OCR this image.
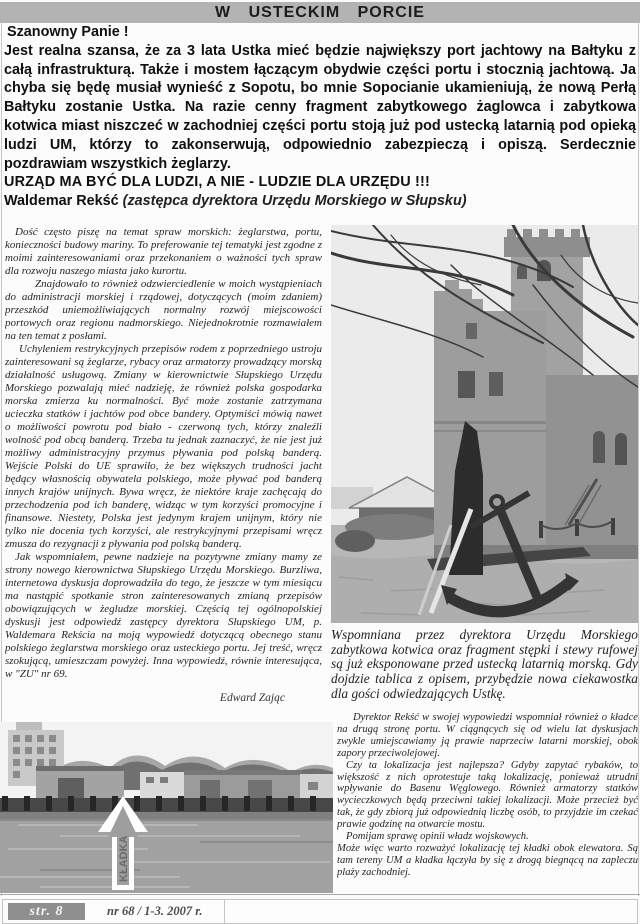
W USTECKIM PORCIE
Szanowny Panie !
Jest realna szansa, że za 3 lata Ustka mieć będzie największy port jachtowy na Bałtyku z całą infrastrukturą. Także i mostem łączącym obydwie części portu i stocznią jachtową. Ja chyba się będę musiał wynieść z Sopotu, bo mnie Sopocianie ukamieniują, że nową Perłą Bałtyku zostanie Ustka. Na razie cenny fragment zabytkowego żaglowca i zabytkowa kotwica miast niszczeć w zachodniej części portu stoją już pod ustecką latarnią pod opieką ludzi UM, którzy to zakonserwują, odpowiednio zabezpieczą i opiszą. Serdecznie pozdrawiam wszystkich żeglarzy.
URZĄD MA BYĆ DLA LUDZI, A NIE - LUDZIE DLA URZĘDU !!!
Waldemar Rekść (zastępca dyrektora Urzędu Morskiego w Słupsku)

Dość często piszę na temat spraw morskich: żeglarstwa, portu, konieczności budowy mariny. To preferowanie tej tematyki jest zgodne z moimi zainteresowaniami oraz przekonaniem o ważności tych spraw dla rozwoju naszego miasta jako kurortu.

Znajdowało to również odzwierciedlenie w moich wystąpieniach do administracji morskiej i rządowej, dotyczących (moim zdaniem) przeszkód uniemożliwiających normalny rozwój miejscowości portowych oraz regionu nadmorskiego. Niejednokrotnie rozmawiałem na ten temat z posłami.

Uchyleniem restrykcyjnych przepisów rodem z poprzedniego ustroju zainteresowani są żeglarze, rybacy oraz armatorzy prowadzący morską działalność usługową. Zmiany w kierownictwie Słupskiego Urzędu Morskiego pozwalają mieć nadzieję, że również polska gospodarka morska zmierza ku normalności. Być może zostanie zatrzymana ucieczka statków i jachtów pod obce bandery. Optymiści mówią nawet o możliwości powrotu pod biało - czerwoną tych, którzy znaleźli wolność pod obcą banderą. Trzeba tu jednak zaznaczyć, że nie jest już możliwy administracyjny przymus pływania pod polską banderą. Wejście Polski do UE sprawiło, że bez większych trudności jacht będący własnością obywatela polskiego, może pływać pod banderą innych krajów unijnych. Bywa wręcz, że niektóre kraje zachęcają do przechodzenia pod ich banderę, widząc w tym korzyści promocyjne i finansowe. Niestety, Polska jest jedynym krajem unijnym, który nie tylko nie docenia tych korzyści, ale restrykcyjnymi przepisami wręcz zmusza do rezygnacji z pływania pod polską banderą.

Jak wspomniałem, pewne nadzieje na pozytywne zmiany mamy ze strony nowego kierownictwa Słupskiego Urzędu Morskiego. Burzliwa, internetowa dyskusja doprowadziła do tego, że jeszcze w tym miesiącu ma nastąpić spotkanie stron zainteresowanych zmianą przepisów obowiązujących w żegludze morskiej. Częścią tej ogólnopolskiej dyskusji jest odpowiedź zastępcy dyrektora Słupskiego UM, p. Waldemara Rekścia na moją wypowiedź dotyczącą obecnego stanu polskiego żeglarstwa morskiego oraz usteckiego portu. Jej treść, wręcz szokującą, umieszczam powyżej. Inna wypowiedź, równie interesująca, w "ZU" nr 69.

Edward Zając
Wspomniana przez dyrektora Urzędu Morskiego zabytkowa kotwica oraz fragment stępki i stewy rufowej są już eksponowane przed ustecką latarnią morską. Gdy dojdzie tablica z opisem, przybędzie nowa ciekawostka dla gości odwiedzających Ustkę.

Dyrektor Rekść w swojej wypowiedzi wspomniał również o kładce na drugą stronę portu. W ciągnących się od wielu lat dyskusjach zwykle umiejscawiamy ją prawie naprzeciw latarni morskiej, obok zapory przeciwolejowej.

Czy ta lokalizacja jest najlepsza? Gdyby zapytać rybaków, to większość z nich oprotestuje taką lokalizację, ponieważ utrudni wpływanie do Basenu Węglowego. Również armatorzy statków wycieczkowych będą przeciwni takiej lokalizacji. Może przecież być tak, że gdy zbiorą już odpowiednią liczbę osób, to przyjdzie im czekać prawie godzinę na otwarcie mostu.

Pomijam sprawę opinii władz wojskowych.

Może więc warto rozważyć lokalizację tej kładki obok elewatora. Są tam tereny UM a kładka łączyła by się z drogą biegnącą na zapleczu plaży zachodniej.

KŁADKA
str. 8	nr 68 / 1-3. 2007 r.
